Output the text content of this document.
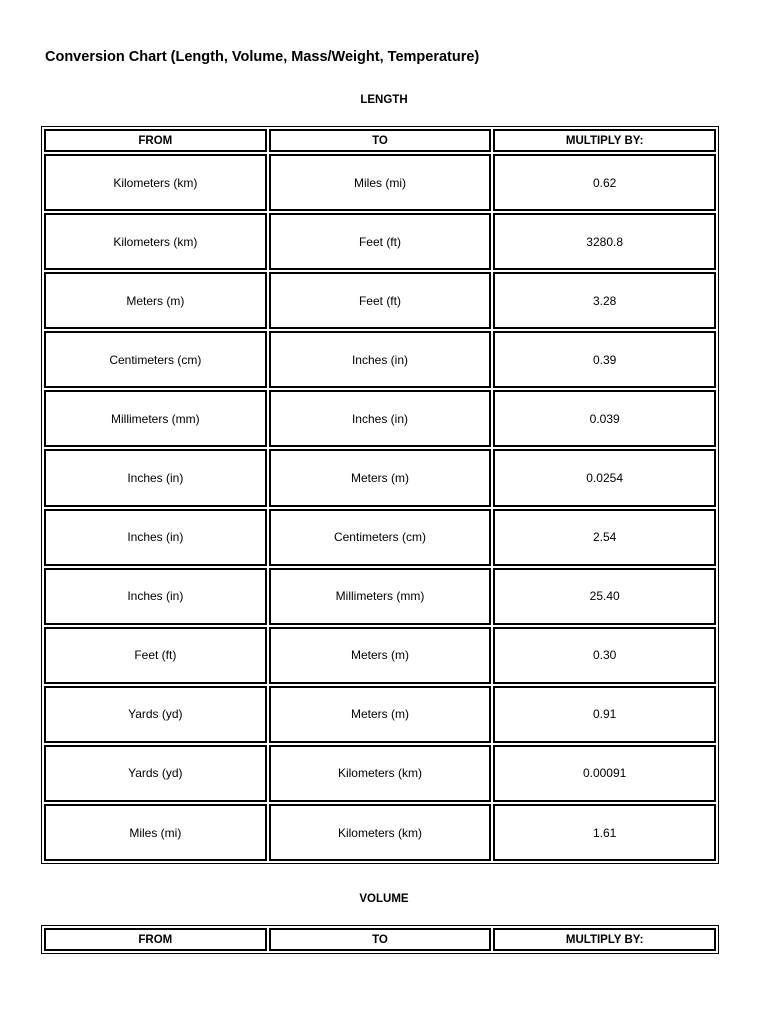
Conversion Chart (Length, Volume, Mass/Weight, Temperature)
LENGTH
FROM	TO	MULTIPLY BY:
Kilometers (km)	Miles (mi)	0.62
Kilometers (km)	Feet (ft)	3280.8
Meters (m)	Feet (ft)	3.28
Centimeters (cm)	Inches (in)	0.39
Millimeters (mm)	Inches (in)	0.039
Inches (in)	Meters (m)	0.0254
Inches (in)	Centimeters (cm)	2.54
Inches (in)	Millimeters (mm)	25.40
Feet (ft)	Meters (m)	0.30
Yards (yd)	Meters (m)	0.91
Yards (yd)	Kilometers (km)	0.00091
Miles (mi)	Kilometers (km)	1.61
VOLUME
FROM	TO	MULTIPLY BY:
